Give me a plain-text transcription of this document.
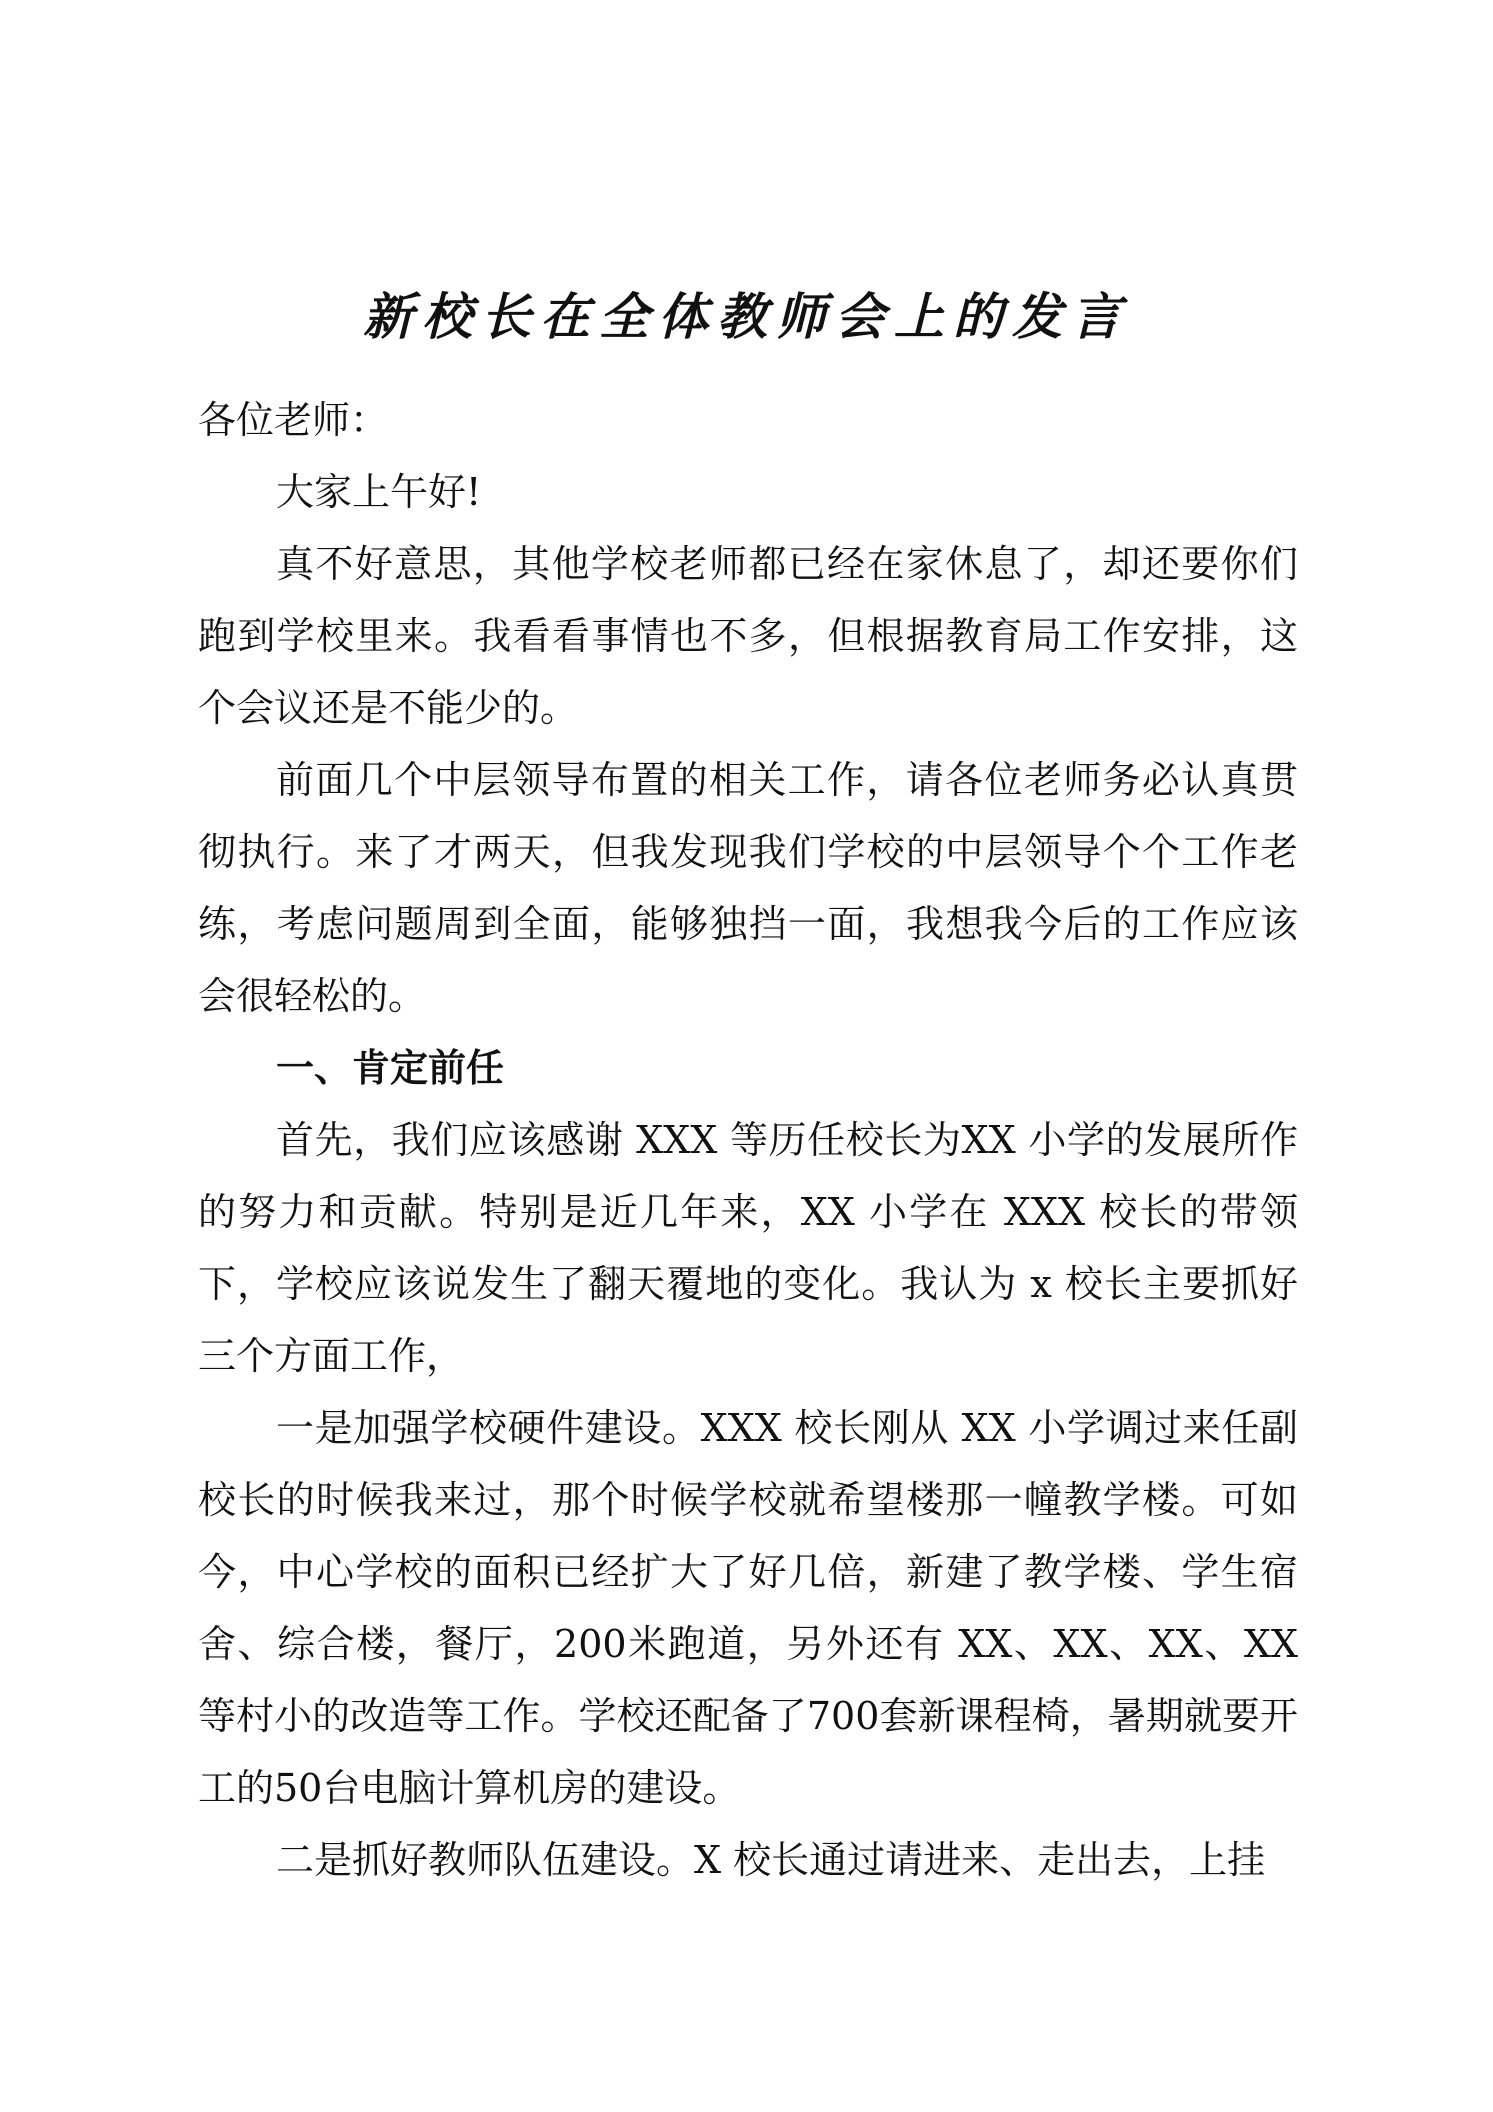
新校长在全体教师会上的发言

各位老师：

大家上午好!

真不好意思，其他学校老师都已经在家休息了，却还要你们跑到学校里来。我看看事情也不多，但根据教育局工作安排，这个会议还是不能少的。

前面几个中层领导布置的相关工作，请各位老师务必认真贯彻执行。来了才两天，但我发现我们学校的中层领导个个工作老练，考虑问题周到全面，能够独挡一面，我想我今后的工作应该会很轻松的。

一、肯定前任

首先，我们应该感谢 XXX 等历任校长为XX 小学的发展所作的努力和贡献。特别是近几年来，XX 小学在 XXX 校长的带领下，学校应该说发生了翻天覆地的变化。我认为 x 校长主要抓好三个方面工作，

一是加强学校硬件建设。XXX 校长刚从 XX 小学调过来任副校长的时候我来过，那个时候学校就希望楼那一幢教学楼。可如今，中心学校的面积已经扩大了好几倍，新建了教学楼、学生宿舍、综合楼，餐厅，200米跑道，另外还有 XX、XX、XX、XX 等村小的改造等工作。学校还配备了700套新课程椅，暑期就要开工的50台电脑计算机房的建设。

二是抓好教师队伍建设。X 校长通过请进来、走出去，上挂
